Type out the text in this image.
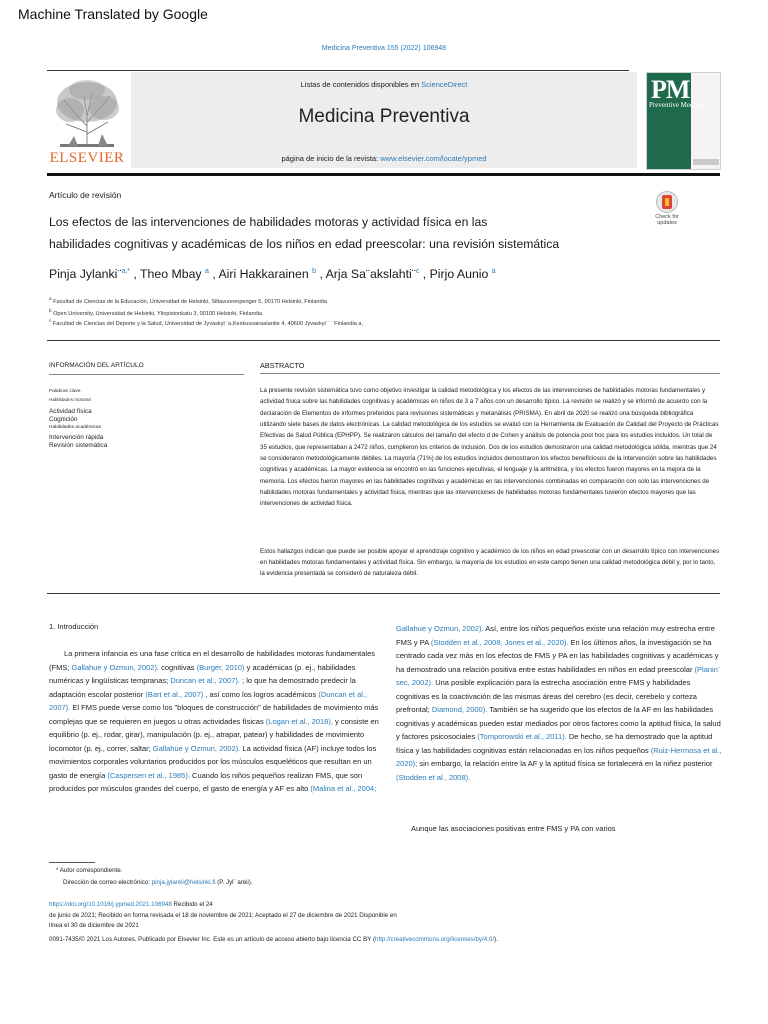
Machine Translated by Google
Medicina Preventiva 155 (2022) 106948
ELSEVIER
Listas de contenidos disponibles en ScienceDirect
Medicina Preventiva
página de inicio de la revista: www.elsevier.com/locate/ypmed
PM
Preventive Medicine
Artículo de revisión
Los efectos de las intervenciones de habilidades motoras y actividad física en las
habilidades cognitivas y académicas de los niños en edad preescolar: una revisión sistemática
Check for updates
Pinja Jylanki¨$^{a,*}$ , Theo Mbay $^a$ , Airi Hakkarainen $^b$ , Arja Sa¨akslahti¨$^c$ , Pirjo Aunio $^a$
$^a$ Facultad de Ciencias de la Educación, Universidad de Helsinki, Siltavuorenpenger 5, 00170 Helsinki, Finlandia
$^b$ Open University, Universidad de Helsinki, Yliopistonkatu 3, 00100 Helsinki, Finlandia
$^c$ Facultad de Ciencias del Deporte y la Salud, Universidad de Jyvaskyl ¨a,Keskussairaalantie 4, 40600 Jyvaskyl ¨ ¨ Finlandia a,
INFORMACIÓN DEL ARTÍCULO
Palabras clave:
Habilidades motoras
Actividad física
Cognición
Habilidades académicas
Intervención rápida
Revisión sistemática
ABSTRACTO
La presente revisión sistemática tuvo como objetivo investigar la calidad metodológica y los efectos de las intervenciones de habilidades motoras fundamentales y actividad física sobre las habilidades cognitivas y académicas en niños de 3 a 7 años con un desarrollo típico. La revisión se realizó y se informó de acuerdo con la declaración de Elementos de informes preferidos para revisiones sistemáticas y metanálisis (PRISMA). En abril de 2020 se realizó una búsqueda bibliográfica utilizando siete bases de datos electrónicas. La calidad metodológica de los estudios se evaluó con la Herramienta de Evaluación de Calidad del Proyecto de Prácticas Efectivas de Salud Pública (EPHPP). Se realizaron cálculos del tamaño del efecto d de Cohen y análisis de potencia post hoc para los estudios incluidos. Un total de 35 estudios, que representaban a 2472 niños, cumplieron los criterios de inclusión. Dos de los estudios demostraron una calidad metodológica sólida, mientras que 24 se consideraron metodológicamente débiles. La mayoría (71%) de los estudios incluidos demostraron los efectos beneficiosos de la intervención sobre las habilidades cognitivas y académicas. La mayor evidencia se encontró en las funciones ejecutivas, el lenguaje y la aritmética, y los efectos fueron mayores en la mejora de la memoria. Los efectos fueron mayores en las habilidades cognitivas y académicas en las intervenciones combinadas en comparación con solo las intervenciones de habilidades motoras fundamentales y actividad física, mientras que las intervenciones de habilidades motoras fundamentales tuvieron efectos mayores que las intervenciones de actividad física.
Estos hallazgos indican que puede ser posible apoyar el aprendizaje cognitivo y académico de los niños en edad preescolar con un desarrollo típico con intervenciones en habilidades motoras fundamentales y actividad física. Sin embargo, la mayoría de los estudios en este campo tienen una calidad metodológica débil y, por lo tanto, la evidencia presentada se consideró de naturaleza débil.
1. Introducción

La primera infancia es una fase crítica en el desarrollo de habilidades motoras fundamentales (FMS; Gallahue y Ozmun, 2002). cognitivas (Burger, 2010) y académicas (p. ej., habilidades numéricas y lingüísticas tempranas; Duncan et al., 2007). ; lo que ha demostrado predecir la adaptación escolar posterior (Bart et al., 2007) , así como los logros académicos (Duncan et al., 2007). El FMS puede verse como los "bloques de construcción" de habilidades de movimiento más complejas que se requieren en juegos u otras actividades físicas (Logan et al., 2018), y consiste en equilibrio (p. ej., rodar, girar), manipulación (p. ej., atrapar, patear) y habilidades de movimiento locomotor (p. ej., correr, saltar; Gallahue y Ozmun, 2002). La actividad física (AF) incluye todos los movimientos corporales voluntarios producidos por los músculos esqueléticos que resultan en un gasto de energía (Caspersen et al., 1985). Cuando los niños pequeños realizan FMS, que son producidos por músculos grandes del cuerpo, el gasto de energía y AF es alto (Malina et al., 2004;

Gallahue y Ozmun, 2002). Así, entre los niños pequeños existe una relación muy estrecha entre FMS y PA (Stodden et al., 2008; Jones et al., 2020). En los últimos años, la investigación se ha centrado cada vez más en los efectos de FMS y PA en las habilidades cognitivas y académicas y ha demostrado una relación positiva entre estas habilidades en niños en edad preescolar (Planin¨ sec, 2002). Una posible explicación para la estrecha asociación entre FMS y habilidades cognitivas es la coactivación de las mismas áreas del cerebro (es decir, cerebelo y corteza prefrontal; Diamond, 2000). También se ha sugerido que los efectos de la AF en las habilidades cognitivas y académicas pueden estar mediados por otros factores como la aptitud física, la salud y factores psicosociales (Tomporowski et al., 2011). De hecho, se ha demostrado que la aptitud física y las habilidades cognitivas están relacionadas en los niños pequeños (Ruiz-Hermosa et al., 2020); sin embargo, la relación entre la AF y la aptitud física se fortalecerá en la niñez posterior (Stodden et al., 2008).

Aunque las asociaciones positivas entre FMS y PA con varios
* Autor correspondiente.
Dirección de correo electrónico: pinja.jylanki@helsinki.fi (P. Jyl¨ anki).
https://doi.org/10.1016/j.ypmed.2021.106948 Recibido el 24
de junio de 2021; Recibido en forma revisada el 18 de noviembre de 2021; Aceptado el 27 de diciembre de 2021 Disponible en
línea el 30 de diciembre de 2021
0091-7435/© 2021 Los Autores. Publicado por Elsevier Inc. Este es un artículo de acceso abierto bajo licencia CC BY (http://creativecommons.org/licenses/by/4.0/).
